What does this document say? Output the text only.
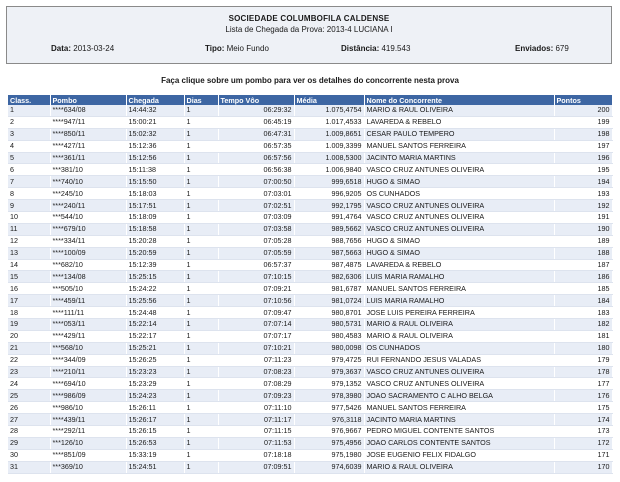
SOCIEDADE COLUMBOFILA CALDENSE
Lista de Chegada da Prova: 2013-4 LUCIANA I
Data: 2013-03-24	Tipo: Meio Fundo	Distância: 419.543	Enviados: 679
Faça clique sobre um pombo para ver os detalhes do concorrente nesta prova
Class.	Pombo	Chegada	Dias	Tempo Vôo	Média	Nome do Concorrente	Pontos
1	****634/08	14:44:32	1	06:29:32	1.075,4754	MARIO & RAUL OLIVEIRA	200
2	****947/11	15:00:21	1	06:45:19	1.017,4533	LAVAREDA & REBELO	199
3	****850/11	15:02:32	1	06:47:31	1.009,8651	CESAR PAULO TEMPERO	198
4	****427/11	15:12:36	1	06:57:35	1.009,3399	MANUEL SANTOS FERREIRA	197
5	****361/11	15:12:56	1	06:57:56	1.008,5300	JACINTO MARIA MARTINS	196
6	***381/10	15:11:38	1	06:56:38	1.006,9840	VASCO CRUZ ANTUNES OLIVEIRA	195
7	***740/10	15:15:50	1	07:00:50	999,6518	HUGO & SIMAO	194
8	***245/10	15:18:03	1	07:03:01	996,9205	OS CUNHADOS	193
9	****240/11	15:17:51	1	07:02:51	992,1795	VASCO CRUZ ANTUNES OLIVEIRA	192
10	***544/10	15:18:09	1	07:03:09	991,4764	VASCO CRUZ ANTUNES OLIVEIRA	191
11	****679/10	15:18:58	1	07:03:58	989,5662	VASCO CRUZ ANTUNES OLIVEIRA	190
12	****334/11	15:20:28	1	07:05:28	988,7656	HUGO & SIMAO	189
13	****100/09	15:20:59	1	07:05:59	987,5663	HUGO & SIMAO	188
14	***682/10	15:12:39	1	06:57:37	987,4875	LAVAREDA & REBELO	187
15	****134/08	15:25:15	1	07:10:15	982,6306	LUIS MARIA RAMALHO	186
16	***505/10	15:24:22	1	07:09:21	981,6787	MANUEL SANTOS FERREIRA	185
17	****459/11	15:25:56	1	07:10:56	981,0724	LUIS MARIA RAMALHO	184
18	****111/11	15:24:48	1	07:09:47	980,8701	JOSE LUIS PEREIRA FERREIRA	183
19	****053/11	15:22:14	1	07:07:14	980,5731	MARIO & RAUL OLIVEIRA	182
20	****429/11	15:22:17	1	07:07:17	980,4583	MARIO & RAUL OLIVEIRA	181
21	***568/10	15:25:21	1	07:10:21	980,0098	OS CUNHADOS	180
22	****344/09	15:26:25	1	07:11:23	979,4725	RUI FERNANDO JESUS VALADAS	179
23	****210/11	15:23:23	1	07:08:23	979,3637	VASCO CRUZ ANTUNES OLIVEIRA	178
24	****694/10	15:23:29	1	07:08:29	979,1352	VASCO CRUZ ANTUNES OLIVEIRA	177
25	****986/09	15:24:23	1	07:09:23	978,3980	JOAO SACRAMENTO C ALHO BELGA	176
26	***986/10	15:26:11	1	07:11:10	977,5426	MANUEL SANTOS FERREIRA	175
27	****439/11	15:26:17	1	07:11:17	976,3118	JACINTO MARIA MARTINS	174
28	****292/11	15:26:15	1	07:11:15	976,9667	PEDRO MIGUEL CONTENTE SANTOS	173
29	***126/10	15:26:53	1	07:11:53	975,4956	JOAO CARLOS CONTENTE SANTOS	172
30	****851/09	15:33:19	1	07:18:18	975,1980	JOSE EUGENIO FELIX FIDALGO	171
31	***369/10	15:24:51	1	07:09:51	974,6039	MARIO & RAUL OLIVEIRA	170
